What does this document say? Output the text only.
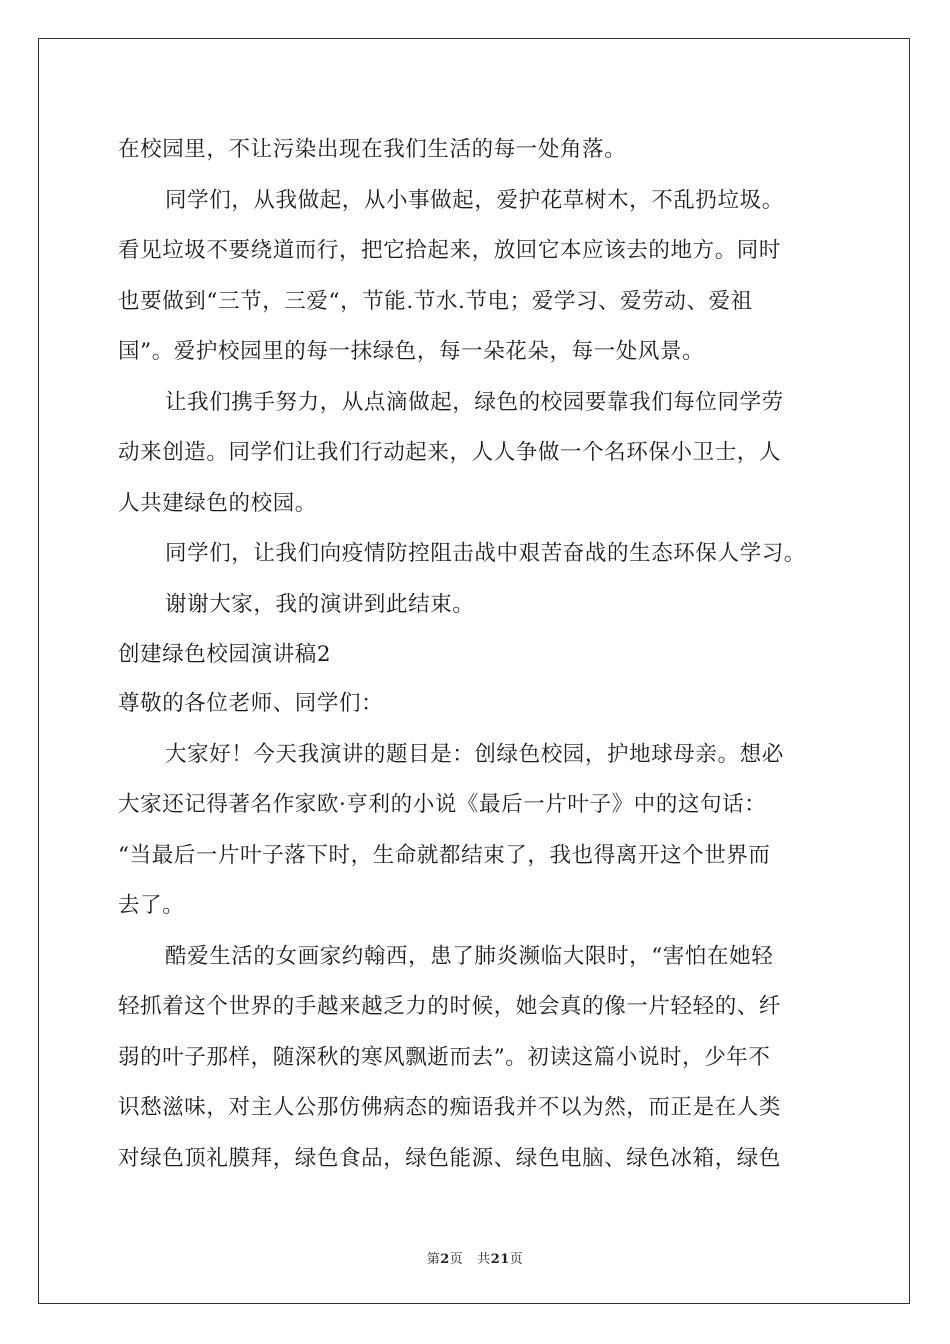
在校园里，不让污染出现在我们生活的每一处角落。
同学们，从我做起，从小事做起，爱护花草树木，不乱扔垃圾。
看见垃圾不要绕道而行，把它拾起来，放回它本应该去的地方。同时
也要做到“三节，三爱“，节能.节水.节电；爱学习、爱劳动、爱祖
国”。爱护校园里的每一抹绿色，每一朵花朵，每一处风景。
让我们携手努力，从点滴做起，绿色的校园要靠我们每位同学劳
动来创造。同学们让我们行动起来，人人争做一个名环保小卫士，人
人共建绿色的校园。
同学们，让我们向疫情防控阻击战中艰苦奋战的生态环保人学习。
谢谢大家，我的演讲到此结束。
创建绿色校园演讲稿2
尊敬的各位老师、同学们：
大家好！今天我演讲的题目是：创绿色校园，护地球母亲。想必
大家还记得著名作家欧·亨利的小说《最后一片叶子》中的这句话：
“当最后一片叶子落下时，生命就都结束了，我也得离开这个世界而
去了。
酷爱生活的女画家约翰西，患了肺炎濒临大限时，“害怕在她轻
轻抓着这个世界的手越来越乏力的时候，她会真的像一片轻轻的、纤
弱的叶子那样，随深秋的寒风飘逝而去”。初读这篇小说时，少年不
识愁滋味，对主人公那仿佛病态的痴语我并不以为然，而正是在人类
对绿色顶礼膜拜，绿色食品，绿色能源、绿色电脑、绿色冰箱，绿色
第2页 共21页
